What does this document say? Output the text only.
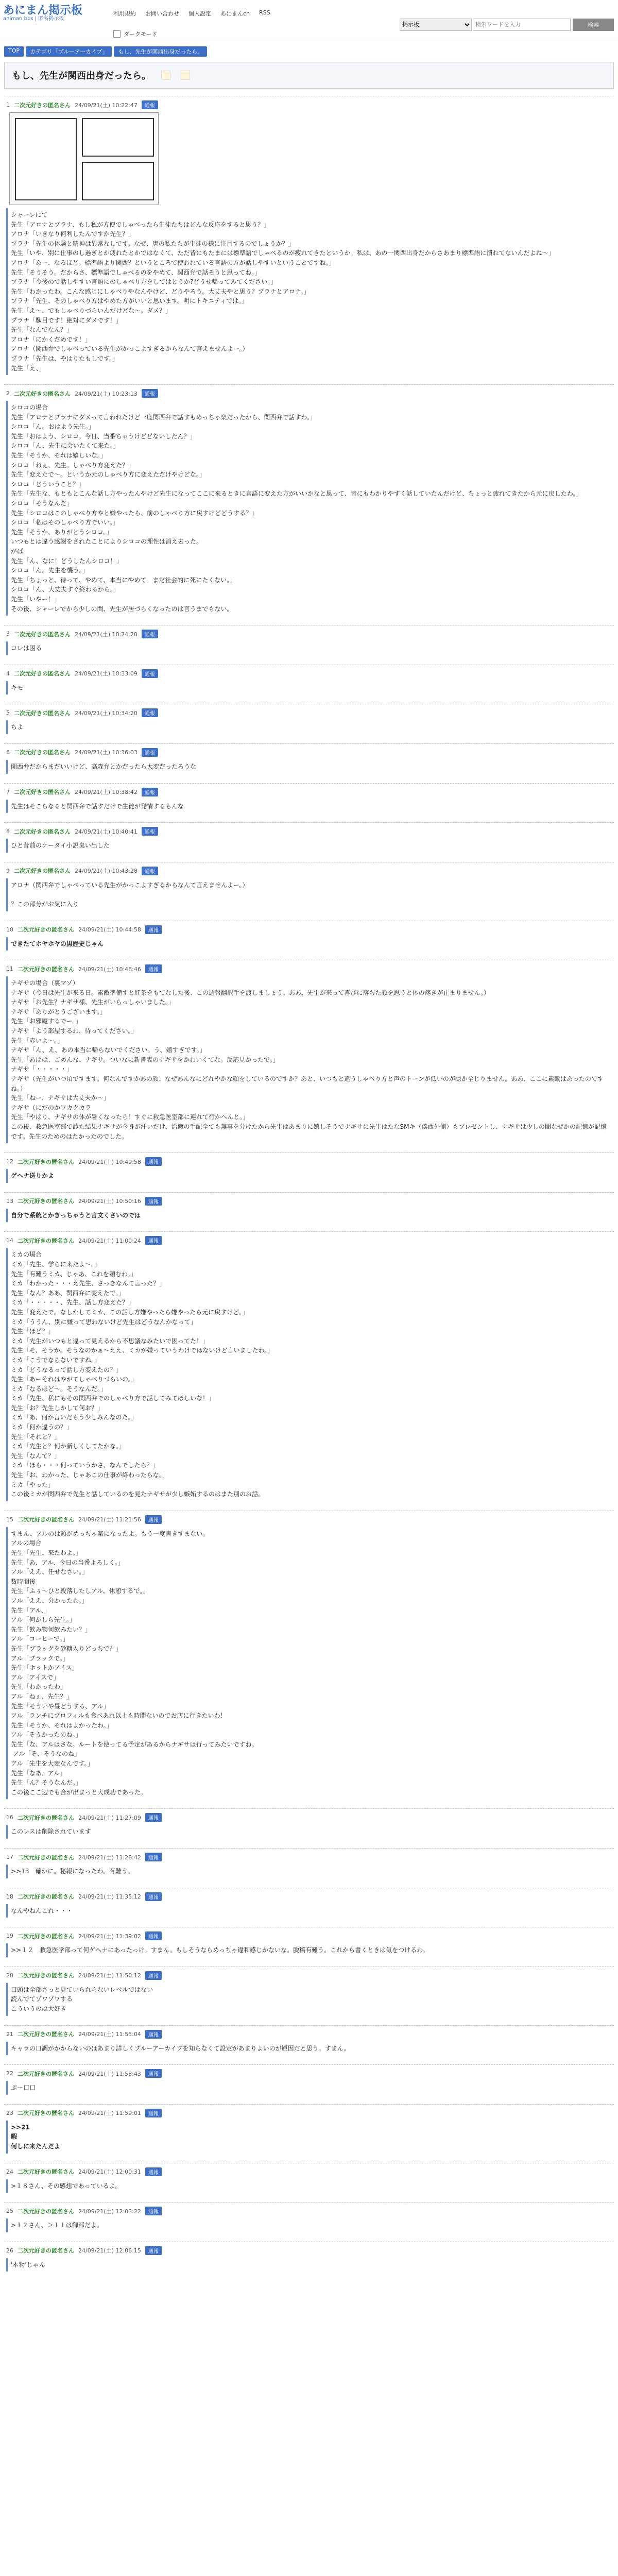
あにまん掲示板
animan bbs | 匿名掲示板
利用規約 お問い合わせ 個人設定 あにまんch RSS
ダークモード
掲示板
検索ワードを入力
検索
TOP	カテゴリ「ブルーアーカイブ」	もし、先生が関西出身だったら。
もし、先生が関西出身だったら。
1 二次元好きの匿名さん 24/09/21(土) 10:22:47	通報
シャーレにて
先生「アロナとプラナ、もし私が方便でしゃべったら生徒たちはどんな反応をすると思う？」
アロナ「いきなり何利したんですか先生？」
プラナ「先生の体験と精神は異常なしです。なぜ、唐の私たちが生徒の様に注目するのでしょうか？」
先生「いや、別に仕事のし過ぎとか疲れたとかではなくて、ただ皆にもたまには標準語でしゃべるのが疲れてきたというか。私は、あの一関西出身だからさあまり標準語に慣れてないんだよね～」
アロナ「あー、なるほど。標準語より関西？というところで使われている言語の方が話しやすいということですね。」
先生「そうそう。だからさ、標準語でしゃべるのをやめて、関西弁で話そうと思ってね。」
プラナ「今後ので話しやすい言語にのしゃべり方をしてはとうか?どうせ帰ってみてください。」
先生「わかったわ。こんな感じにしゃべりやなんやけど、どうやろう。大丈夫やと思う？プラナとアロナ。」
プラナ「先生、そのしゃべり方はやめた方がいいと思います。明にトキニティでは。」
先生「え～、でもしゃべりづらいんだけどな～。ダメ？」
プラナ「駄目です！絶対にダメです！」
先生「なんでなん？」
アロナ「にかくだめです！」
アロナ（関西弁でしゃべっている先生がかっこよすぎるからなんて言えませんよー。）
プラナ「先生は、やはりたもしです。」
先生「え、」
2 二次元好きの匿名さん 24/09/21(土) 10:23:13	通報
シロコの場合
先生「アロナとプラナにダメって言われたけど一度関西弁で話すもめっちゃ楽だったから、関西弁で話すわ。」
シロコ「ん。おはよう先生。」
先生「おはよう、シロコ。今日、当番ちゃうけどどないしたん？」
シロコ「ん、先生に会いたくて来た。」
先生「そうか、それは嬉しいな。」
シロコ「ねぇ、先生。しゃべり方変えた？」
先生「変えたで～。というか元のしゃべり方に変えただけやけどな。」
シロコ「どういうこと？」
先生「先生な、もともとこんな話し方やったんやけど先生になってここに来るときに言語に変えた方がいいかなと思って、皆にもわかりやすく話していたんだけど、ちょっと疲れてきたから元に戻したわ。」
シロコ「そうなんだ」
先生「シロコはこのしゃべり方やと嫌やったら、前のしゃべり方に戻すけどどうする？」
シロコ「私はそのしゃべり方でいい。」
先生「そうか、ありがとうシロコ。」
いつもとは違う感謝をされたことによりシロコの理性は消え去った。
がば
先生「ん、なに！どうしたんシロコ！」
シロコ「ん。先生を襲う。」
先生「ちょっと、待って、やめて、本当にやめて。まだ社会的に死にたくない。」
シロコ「ん、大丈夫すぐ終わるから。」
先生「いやー！」
その後、シャーレでから少しの間、先生が居づらくなったのは言うまでもない。
3 二次元好きの匿名さん 24/09/21(土) 10:24:20	通報
コレは困る
4 二次元好きの匿名さん 24/09/21(土) 10:33:09	通報
キモ
5 二次元好きの匿名さん 24/09/21(土) 10:34:20	通報
ちよ
6 二次元好きの匿名さん 24/09/21(土) 10:36:03	通報
関西弁だからまだいいけど、高森弁とかだったら大変だったろうな
7 二次元好きの匿名さん 24/09/21(土) 10:38:42	通報
先生はそこらなると関西弁で話すだけで生徒が発情するもんな
8 二次元好きの匿名さん 24/09/21(土) 10:40:41	通報
ひと昔前のケータイ小説臭い出した
9 二次元好きの匿名さん 24/09/21(土) 10:43:28	通報
アロナ（関西弁でしゃべっている先生がかっこよすぎるからなんて言えませんよー。）

？この部分がお気に入り
10 二次元好きの匿名さん 24/09/21(土) 10:44:58	通報
できたてホヤホヤの黒歴史じゃん
11 二次元好きの匿名さん 24/09/21(土) 10:48:46	通報
ナギサの場合（裏マゾ）
ナギサ（今日は先生が来る日。素敵準備すと紅茶をもてなした後、この週報翻訳手を渡しましょう。ああ、先生が来って喜びに落ちた顔を思うと体の疼きが止まりません。）
ナギサ「お先生？ナギサ様、先生がいらっしゃいました。」
ナギサ「ありがとうございます。」
先生「お邪魔するでー。」
ナギサ「よう部屋するわ、待ってください。」
先生「赤いよ～。」
ナギサ「ん、え、あの本当に帰らないでください。う、嬉すぎです。」
先生「あはは、ごめんな、ナギサ。ついなに新書表のナギサをかわいくてな。反応見かったで。」
ナギサ「・・・・・」
ナギサ（先生がいつ頃ですます。何なんですかあの顔、なぜあんなにどれやかな顔をしているのですか？あと、いつもと違うしゃべり方と声のトーンが低いのが隠か全じりません。ああ、ここに素敵はあったのですね。）
先生「ねー、ナギサは大丈夫か～」
ナギサ（にだのかワカクカラ
先生「やはり、ナギサの体が暑くなったら！すぐに救急医室部に連れて行かへんと。」
この後、救急医室部で診た結果ナギサが今身が汗いだけ、治癒の手配全ても無事を分けたから先生はあまりに嬉しそうでナギサに先生はたなSMキ（僕西外側）もプレゼントし、ナギサは少しの間なぜかの記憶が記憶です。先生のためのはたかったのでした。
12 二次元好きの匿名さん 24/09/21(土) 10:49:58	通報
ゲヘナ送りかよ
13 二次元好きの匿名さん 24/09/21(土) 10:50:16	通報
自分で系統とかきっちゃうと言文くさいのでは
14 二次元好きの匿名さん 24/09/21(土) 11:00:24	通報
ミカの場合
ミカ「先生、学らに来たよ～。」
先生「有難うミカ、じゃあ、これを頼むわ。」
ミカ「わかった・・・え先生、さっきなんて言った？」
先生「なん？ああ、関西弁に変えたで。」
ミカ「・・・・・、先生、話し方変えた？」
先生「変えたで。なしかしてミカ、この話し方嫌やったら嫌やったら元に戻すけど。」
ミカ「ううん、別に嫌って思わないけど先生はどうなんかなって」
先生「ほど？」
ミカ「先生がいつもと違って見えるから不思議なみたいで困ってた！」
先生「そ、そうか。そうなのかぁ～ええ、ミカが嫌っていうわけではないけど言いましたわ。」
ミカ「こうでならないですね。」
ミカ「どうなるって話し方変えたの？」
先生「あーそれはやがてしゃべりづらいの。」
ミカ「なるほど～。そうなんだ。」
ミカ「先生、私にもその関西弁でのしゃべり方で話してみてほしいな！」
先生「お？先生しかして何お？」
ミカ「あ、何か言いだもう少しみんなのた。」
ミカ「何か違うの？」
先生「それと？」
ミカ「先生と？何か新しくしてたかな。」
先生「なんて？」
ミカ「ほら・・・何っていうかさ、なんでしたら？」
先生「お、わかった、じゃあこの仕事が終わったらな。」
ミカ「やった」
この後ミカが関西弁で先生と話しているのを見たナギサが少し嫉妬するのはまた別のお話。
15 二次元好きの匿名さん 24/09/21(土) 11:21:56	通報
すまん、アルのは頭がめっちゃ楽になったよ。もう一度書きすまない。
アルの場合
先生「先生、来たわよ。」
先生「あ、アル、今日の当番よろしく。」
アル「ええ、任せなさい。」
数時間後
先生「ふぅ～ひと段落したしアル、休憩するで。」
アル「ええ、分かったわ。」
先生「アル、」
アル「何かしら先生。」
先生「飲み物何飲みたい？」
アル「コーヒーで。」
先生「ブラックを砂糖入りどっちで？」
アル「ブラックで。」
先生「ホットかアイス」
アル「アイスで」
先生「わかったわ」
アル「ねぇ、先生？」
先生「そういや昼どうする、アル」
アル「ランチにプロフィルも食べあれ以上も時間ないのでお店に行きたいわ！
先生「そうか、それはよかったわ。」
アル「そうかったのね。」
先生「な、アルはさな。ルートを使ってる予定があるからナギサは行ってみたいですね。
アル「そ、そうなのね」
アル「先生を大変なんです。」
先生「なあ、アル」
先生「ん？そうなんだ。」
この後ここ辺でも合が出まっと大成功であった。
16 二次元好きの匿名さん 24/09/21(土) 11:27:09	通報
このレスは削除されています
17 二次元好きの匿名さん 24/09/21(土) 11:28:42	通報
>>13　確かに。秘報になったわ。有難う。
18 二次元好きの匿名さん 24/09/21(土) 11:35:12	通報
なんやねんこれ・・・
19 二次元好きの匿名さん 24/09/21(土) 11:39:02	通報
>>１２　救急医学部って何ゲヘナにあったっけ。すまん。もしそうならめっちゃ違和感じかないな。脱稿有難う。これから書くときは気をつけるわ。
20 二次元好きの匿名さん 24/09/21(土) 11:50:12	通報
口頭は全部さっと見ていられらないレベルではない
読んでてゾワゾワする
こういうのは大好き
21 二次元好きの匿名さん 24/09/21(土) 11:55:04	通報
キャラの口調がかからないのはあまり詳しくブルーアーカイブを知らなくて設定があまりよいのが原因だと思う。すまん。
22 二次元好きの匿名さん 24/09/21(土) 11:58:43	通報
ぷー口口
23 二次元好きの匿名さん 24/09/21(土) 11:59:01	通報
>>21
暇
何しに来たんだよ
24 二次元好きの匿名さん 24/09/21(土) 12:00:31	通報
>１８さん、その感想であっているよ。
25 二次元好きの匿名さん 24/09/21(土) 12:03:22	通報
>１２さん、＞１１は御部だよ。
26 二次元好きの匿名さん 24/09/21(土) 12:06:15	通報
'本物'じゃん
